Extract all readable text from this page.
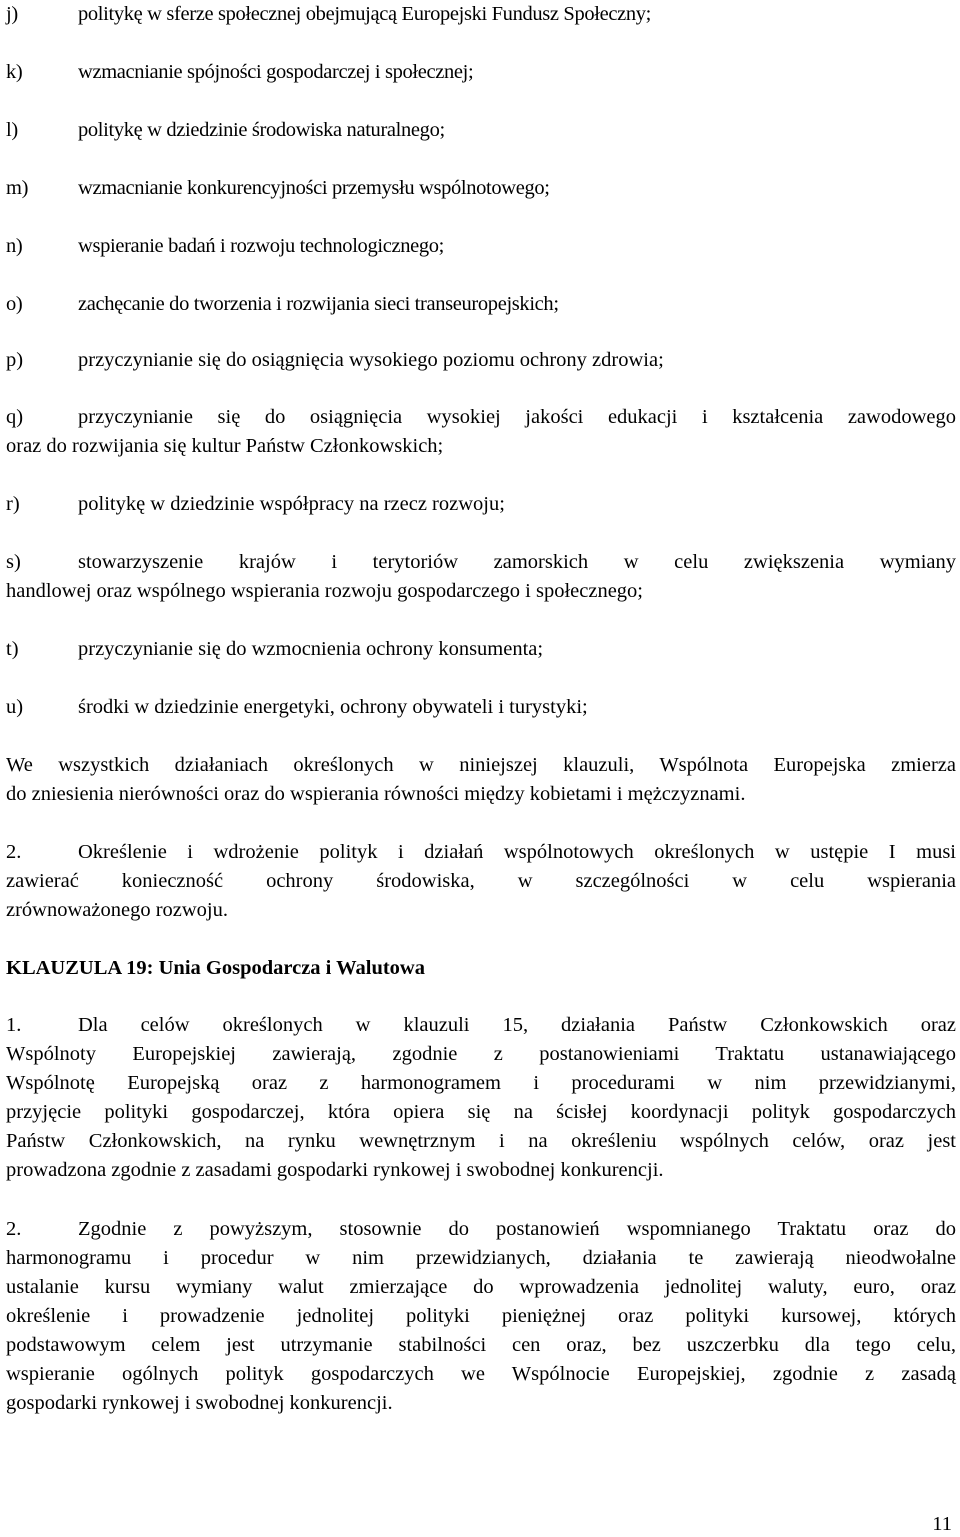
j)	politykę w sferze społecznej obejmującą Europejski Fundusz Społeczny;
k)	wzmacnianie spójności gospodarczej i społecznej;
l)	politykę w dziedzinie środowiska naturalnego;
m) wzmacnianie konkurencyjności przemysłu wspólnotowego;
n)	wspieranie badań i rozwoju technologicznego;
o)	zachęcanie do tworzenia i rozwijania sieci transeuropejskich;
p)	przyczynianie się do osiągnięcia wysokiego poziomu ochrony zdrowia;
q)	przyczynianie się do osiągnięcia wysokiej jakości edukacji i kształcenia zawodowego
oraz do rozwijania się kultur Państw Członkowskich;
r)	politykę w dziedzinie współpracy na rzecz rozwoju;
s)	stowarzyszenie krajów i terytoriów zamorskich w celu zwiększenia wymiany
handlowej oraz wspólnego wspierania rozwoju gospodarczego i społecznego;
t)	przyczynianie się do wzmocnienia ochrony konsumenta;
u)	środki w dziedzinie energetyki, ochrony obywateli i turystyki;
We wszystkich działaniach określonych w niniejszej klauzuli, Wspólnota Europejska zmierza
do zniesienia nierówności oraz do wspierania równości między kobietami i mężczyznami.
2.	Określenie i wdrożenie polityk i działań wspólnotowych określonych w ustępie I musi
zawierać konieczność ochrony środowiska, w szczególności w celu wspierania
zrównoważonego rozwoju.
KLAUZULA 19: Unia Gospodarcza i Walutowa
1.	Dla celów określonych w klauzuli 15, działania Państw Członkowskich oraz
Wspólnoty Europejskiej zawierają, zgodnie z postanowieniami Traktatu ustanawiającego
Wspólnotę Europejską oraz z harmonogramem i procedurami w nim przewidzianymi,
przyjęcie polityki gospodarczej, która opiera się na ścisłej koordynacji polityk gospodarczych
Państw Członkowskich, na rynku wewnętrznym i na określeniu wspólnych celów, oraz jest
prowadzona zgodnie z zasadami gospodarki rynkowej i swobodnej konkurencji.
2.	Zgodnie z powyższym, stosownie do postanowień wspomnianego Traktatu oraz do
harmonogramu i procedur w nim przewidzianych, działania te zawierają nieodwołalne
ustalanie kursu wymiany walut zmierzające do wprowadzenia jednolitej waluty, euro, oraz
określenie i prowadzenie jednolitej polityki pieniężnej oraz polityki kursowej, których
podstawowym celem jest utrzymanie stabilności cen oraz, bez uszczerbku dla tego celu,
wspieranie ogólnych polityk gospodarczych we Wspólnocie Europejskiej, zgodnie z zasadą
gospodarki rynkowej i swobodnej konkurencji.
11
